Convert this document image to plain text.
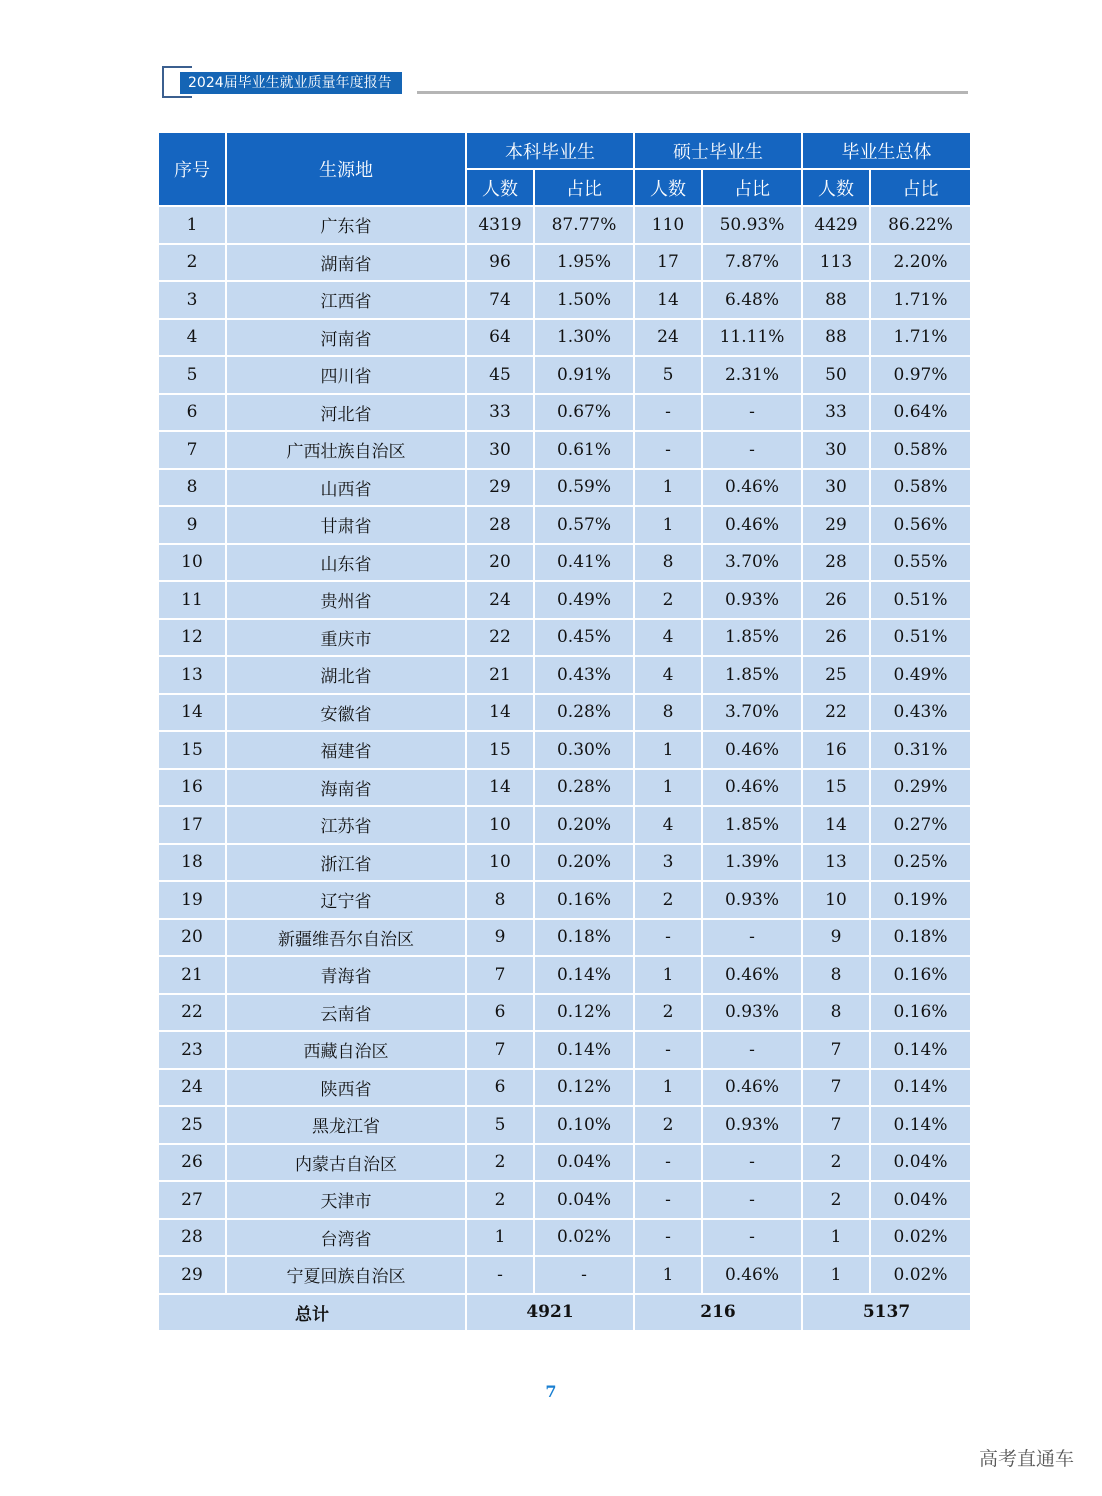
2024届毕业生就业质量年度报告
序号	生源地	本科毕业生		硕士毕业生		毕业生总体	
		人数	占比	人数	占比	人数	占比
1	广东省	4319	87.77%	110	50.93%	4429	86.22%
2	湖南省	96	1.95%	17	7.87%	113	2.20%
3	江西省	74	1.50%	14	6.48%	88	1.71%
4	河南省	64	1.30%	24	11.11%	88	1.71%
5	四川省	45	0.91%	5	2.31%	50	0.97%
6	河北省	33	0.67%	-	-	33	0.64%
7	广西壮族自治区	30	0.61%	-	-	30	0.58%
8	山西省	29	0.59%	1	0.46%	30	0.58%
9	甘肃省	28	0.57%	1	0.46%	29	0.56%
10	山东省	20	0.41%	8	3.70%	28	0.55%
11	贵州省	24	0.49%	2	0.93%	26	0.51%
12	重庆市	22	0.45%	4	1.85%	26	0.51%
13	湖北省	21	0.43%	4	1.85%	25	0.49%
14	安徽省	14	0.28%	8	3.70%	22	0.43%
15	福建省	15	0.30%	1	0.46%	16	0.31%
16	海南省	14	0.28%	1	0.46%	15	0.29%
17	江苏省	10	0.20%	4	1.85%	14	0.27%
18	浙江省	10	0.20%	3	1.39%	13	0.25%
19	辽宁省	8	0.16%	2	0.93%	10	0.19%
20	新疆维吾尔自治区	9	0.18%	-	-	9	0.18%
21	青海省	7	0.14%	1	0.46%	8	0.16%
22	云南省	6	0.12%	2	0.93%	8	0.16%
23	西藏自治区	7	0.14%	-	-	7	0.14%
24	陕西省	6	0.12%	1	0.46%	7	0.14%
25	黑龙江省	5	0.10%	2	0.93%	7	0.14%
26	内蒙古自治区	2	0.04%	-	-	2	0.04%
27	天津市	2	0.04%	-	-	2	0.04%
28	台湾省	1	0.02%	-	-	1	0.02%
29	宁夏回族自治区	-	-	1	0.46%	1	0.02%
总计		4921		216		5137	
7
高考直通车
